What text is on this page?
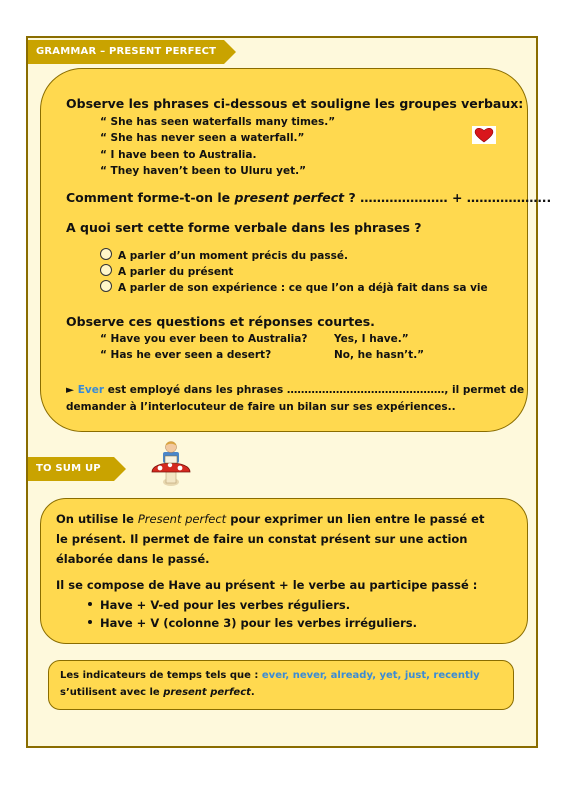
GRAMMAR – PRESENT PERFECT
Observe les phrases ci-dessous et souligne les groupes verbaux:
“ She has seen waterfalls many times.”
“ She has never seen a waterfall.”
“ I have been to Australia.
“ They haven’t been to Uluru yet.”
Comment forme-t-on le present perfect ? ………………… + ………………..
A quoi sert cette forme verbale dans les phrases ?
A parler d’un moment précis du passé.
A parler du présent
A parler de son expérience : ce que l’on a déjà fait dans sa vie
Observe ces questions et réponses courtes.
“ Have you ever been to Australia?	Yes, I have.”
“ Has he ever seen a desert?	No, he hasn’t.”
► Ever est employé dans les phrases ………………………………………, il permet de
demander à l’interlocuteur de faire un bilan sur ses expériences..
TO SUM UP
On utilise le Present perfect pour exprimer un lien entre le passé et
le présent. Il permet de faire un constat présent sur une action
élaborée dans le passé.
Il se compose de Have au présent + le verbe au participe passé :
Have + V-ed pour les verbes réguliers.
Have + V (colonne 3) pour les verbes irréguliers.
Les indicateurs de temps tels que : ever, never, already, yet, just, recently
s’utilisent avec le present perfect.
